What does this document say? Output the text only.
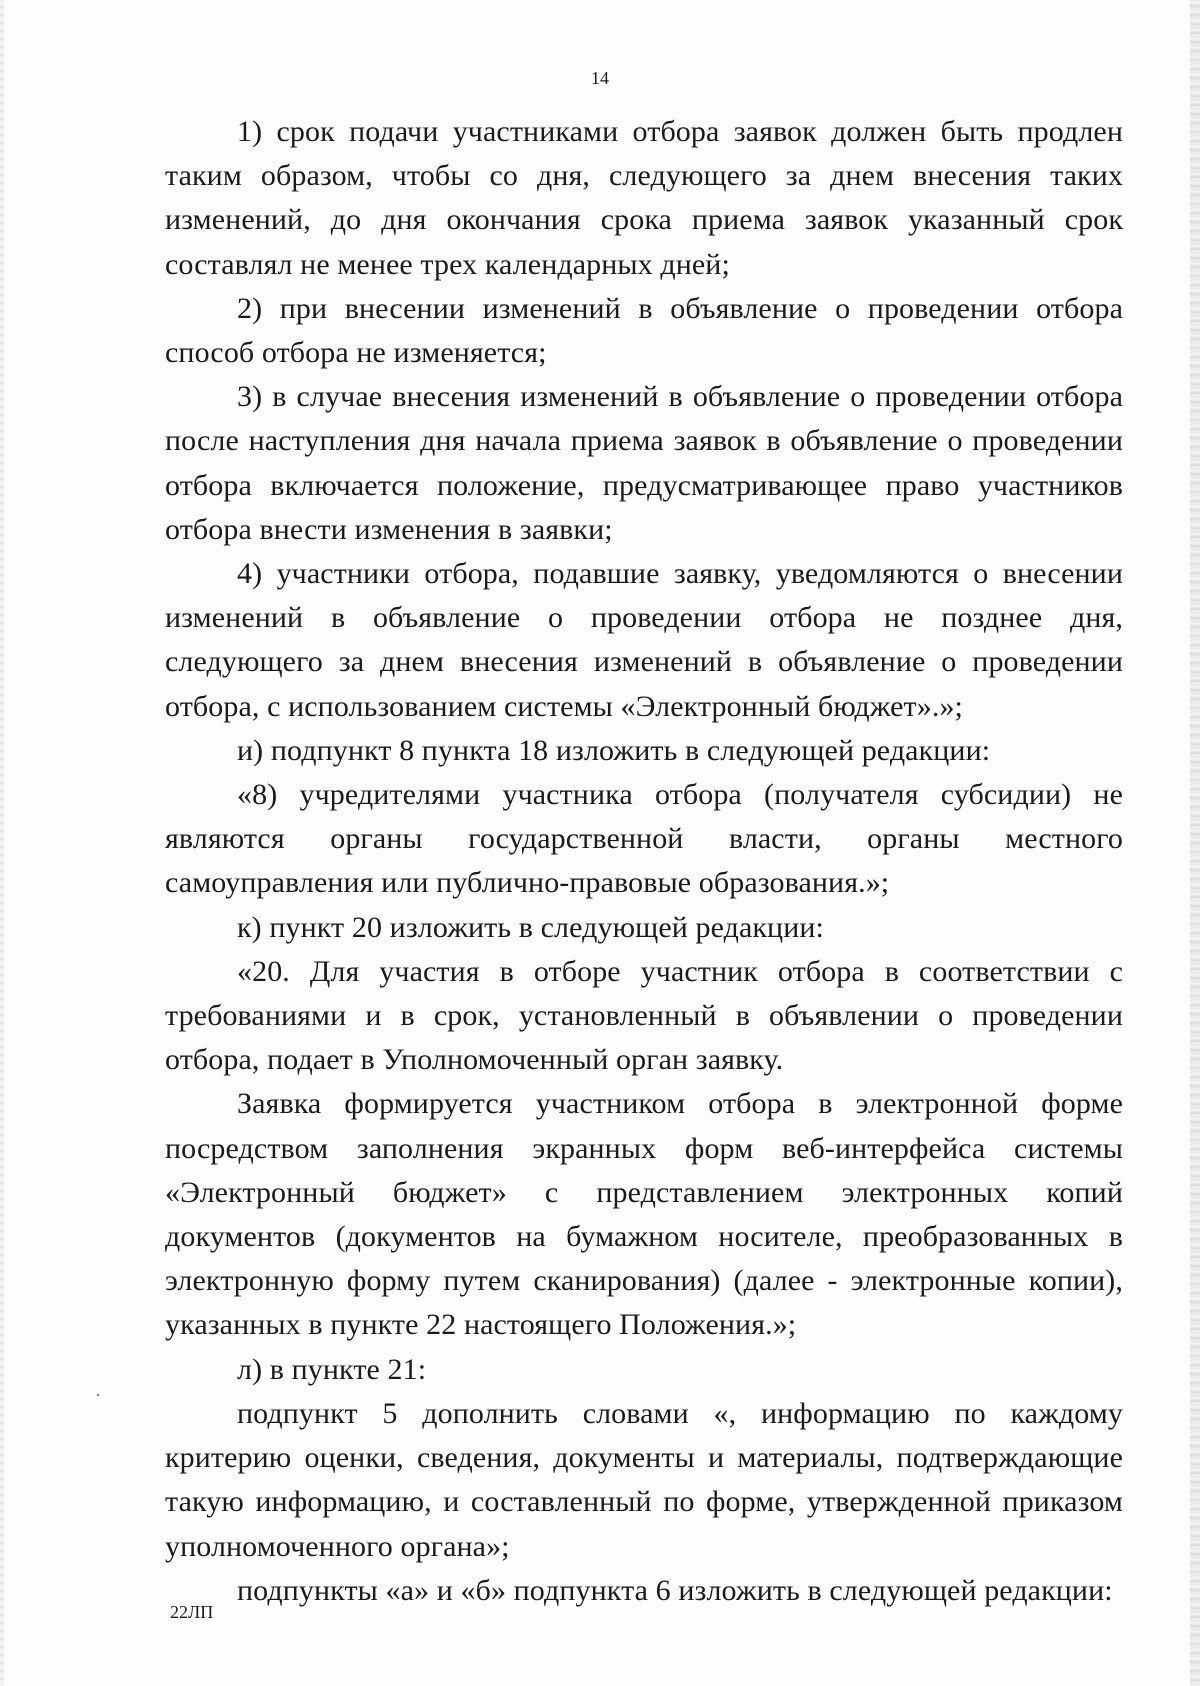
14

1) срок подачи участниками отбора заявок должен быть продлен таким образом, чтобы со дня, следующего за днем внесения таких изменений, до дня окончания срока приема заявок указанный срок составлял не менее трех календарных дней;

2) при внесении изменений в объявление о проведении отбора способ отбора не изменяется;

3) в случае внесения изменений в объявление о проведении отбора после наступления дня начала приема заявок в объявление о проведении отбора включается положение, предусматривающее право участников отбора внести изменения в заявки;

4) участники отбора, подавшие заявку, уведомляются о внесении изменений в объявление о проведении отбора не позднее дня, следующего за днем внесения изменений в объявление о проведении отбора, с использованием системы «Электронный бюджет».»;

и) подпункт 8 пункта 18 изложить в следующей редакции:

«8) учредителями участника отбора (получателя субсидии) не являются органы государственной власти, органы местного самоуправления или публично-правовые образования.»;

к) пункт 20 изложить в следующей редакции:

«20. Для участия в отборе участник отбора в соответствии с требованиями и в срок, установленный в объявлении о проведении отбора, подает в Уполномоченный орган заявку.

Заявка формируется участником отбора в электронной форме посредством заполнения экранных форм веб-интерфейса системы «Электронный бюджет» с представлением электронных копий документов (документов на бумажном носителе, преобразованных в электронную форму путем сканирования) (далее - электронные копии), указанных в пункте 22 настоящего Положения.»;

л) в пункте 21:

подпункт 5 дополнить словами «, информацию по каждому критерию оценки, сведения, документы и материалы, подтверждающие такую информацию, и составленный по форме, утвержденной приказом уполномоченного органа»;

подпункты «а» и «б» подпункта 6 изложить в следующей редакции:

22ЛП
